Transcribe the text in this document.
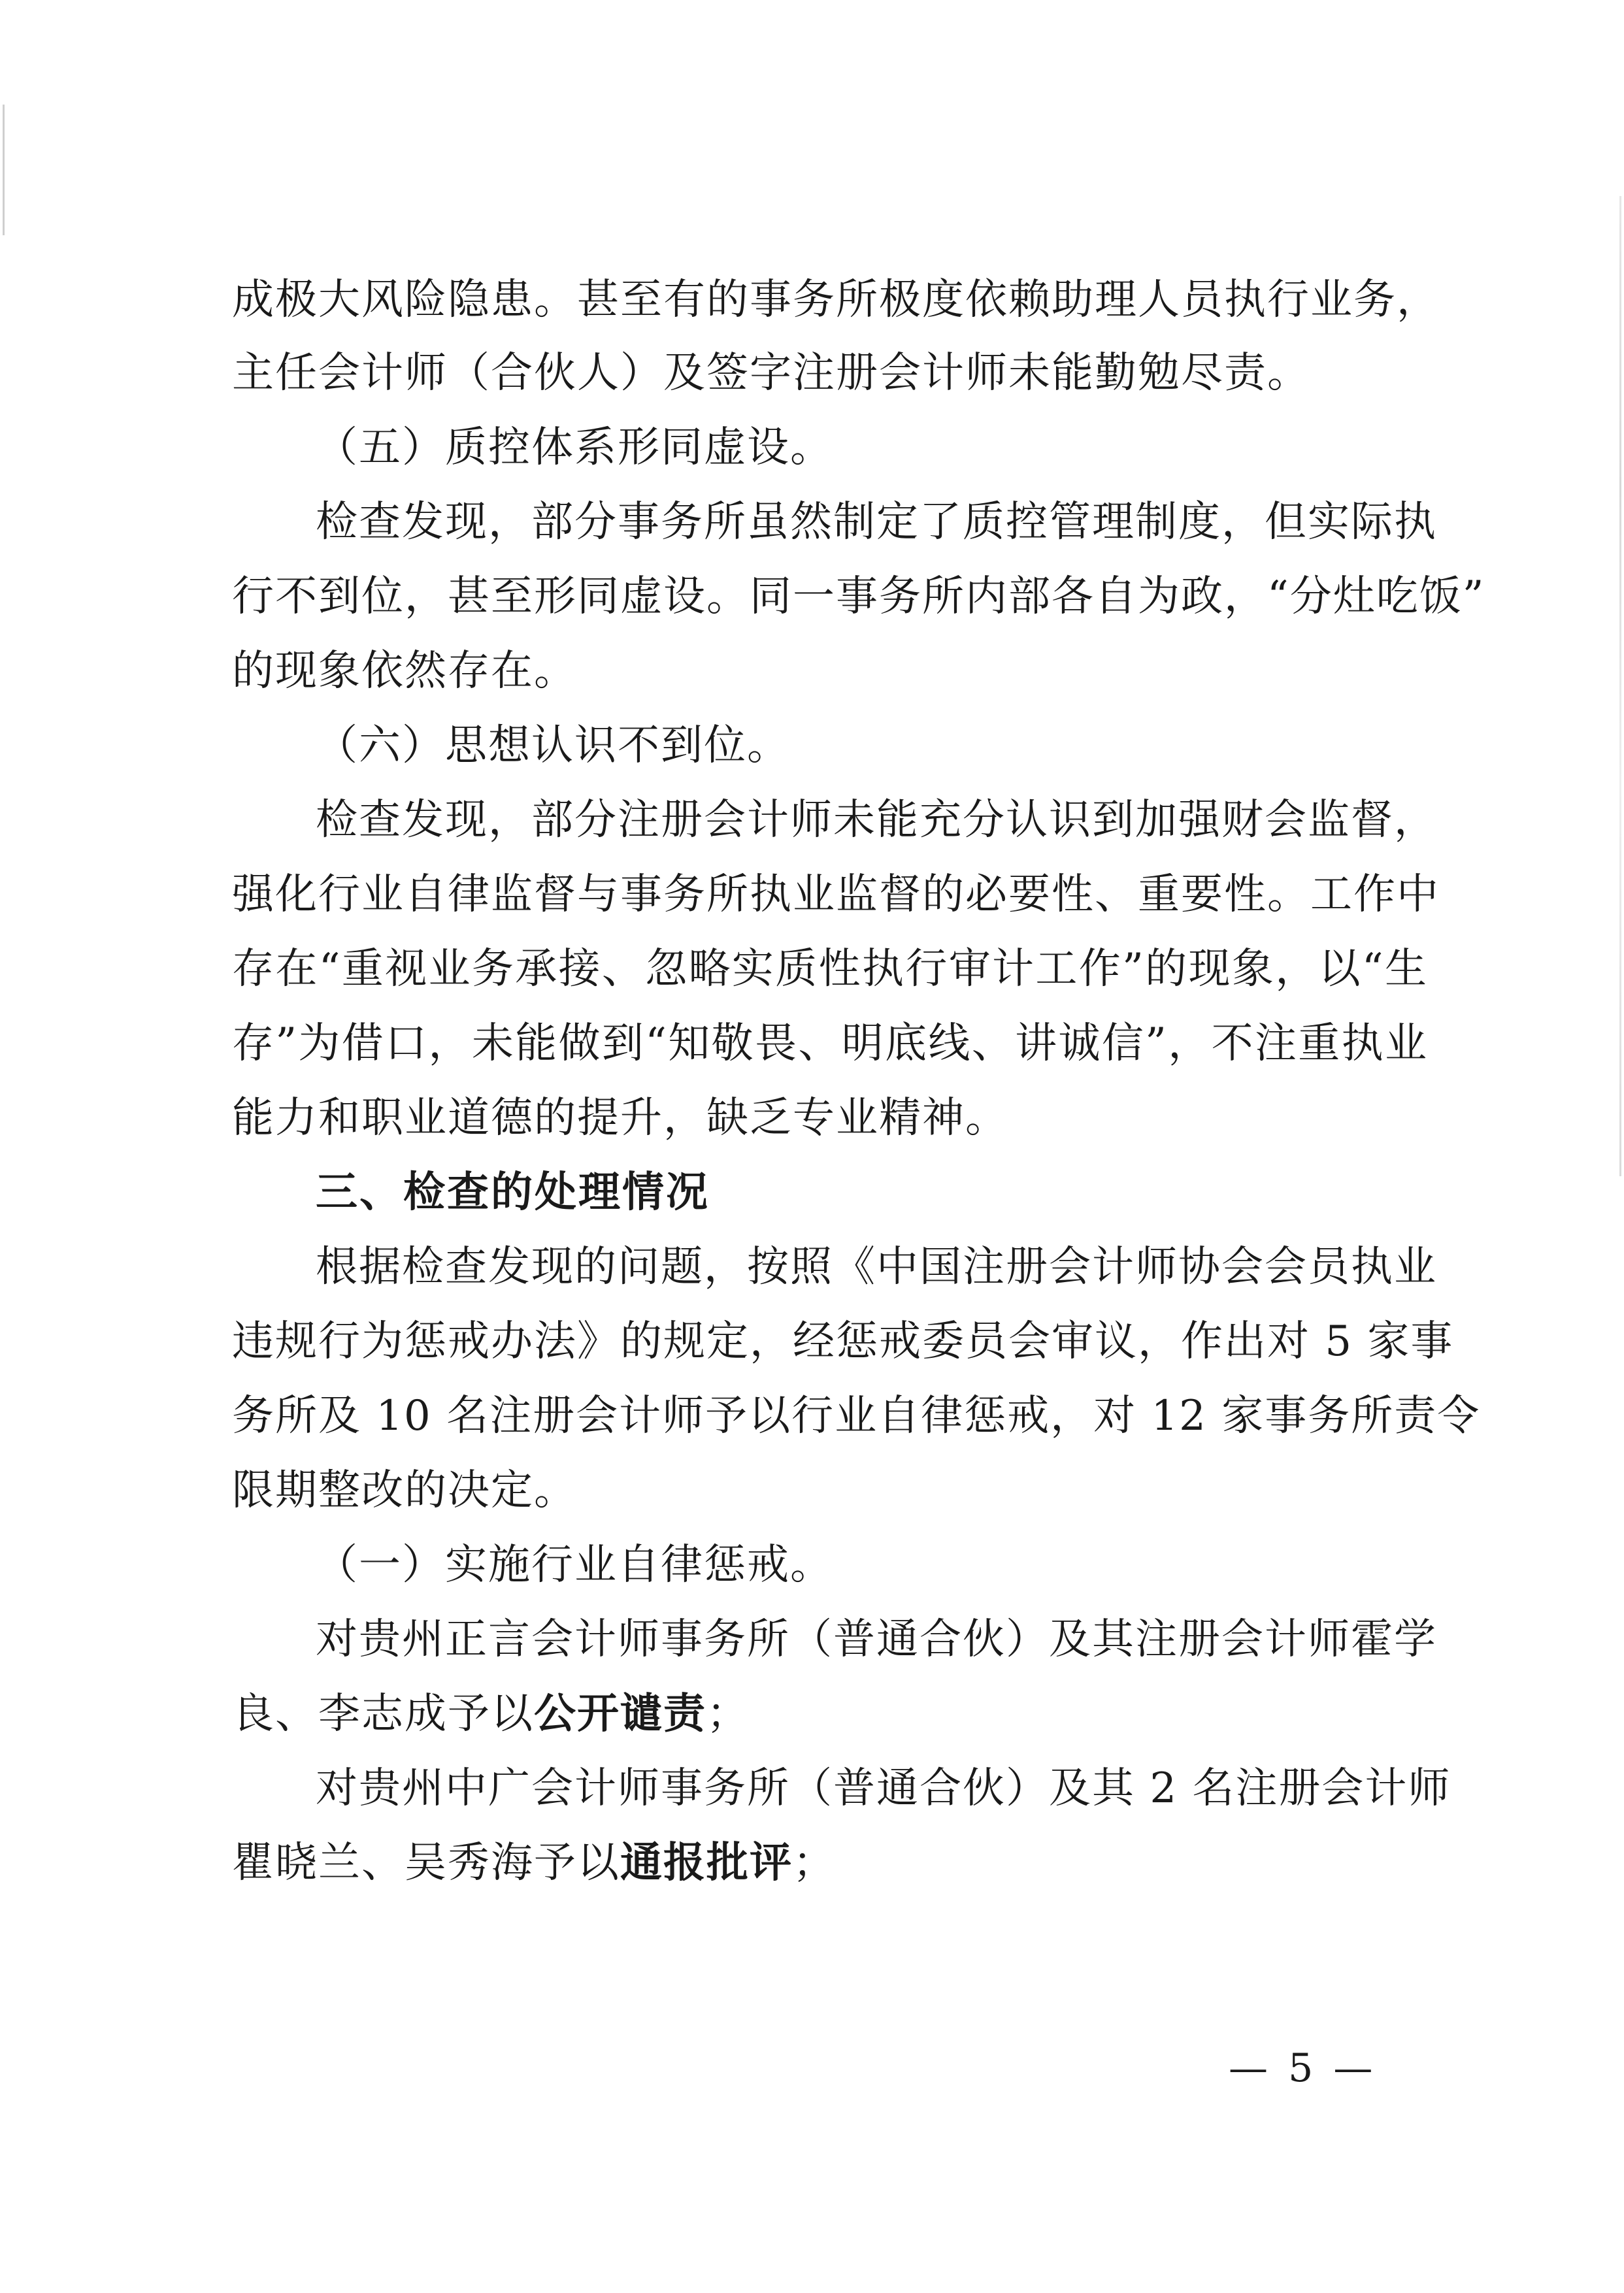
成极大风险隐患。甚至有的事务所极度依赖助理人员执行业务，
主任会计师（合伙人）及签字注册会计师未能勤勉尽责。
（五）质控体系形同虚设。
检查发现，部分事务所虽然制定了质控管理制度，但实际执
行不到位，甚至形同虚设。同一事务所内部各自为政，“分灶吃饭”
的现象依然存在。
（六）思想认识不到位。
检查发现，部分注册会计师未能充分认识到加强财会监督，
强化行业自律监督与事务所执业监督的必要性、重要性。工作中
存在“重视业务承接、忽略实质性执行审计工作”的现象，以“生
存”为借口，未能做到“知敬畏、明底线、讲诚信”，不注重执业
能力和职业道德的提升，缺乏专业精神。
三、检查的处理情况
根据检查发现的问题，按照《中国注册会计师协会会员执业
违规行为惩戒办法》的规定，经惩戒委员会审议，作出对 5 家事
务所及 10 名注册会计师予以行业自律惩戒，对 12 家事务所责令
限期整改的决定。
（一）实施行业自律惩戒。
对贵州正言会计师事务所（普通合伙）及其注册会计师霍学
良、李志成予以公开谴责；
对贵州中广会计师事务所（普通合伙）及其 2 名注册会计师
瞿晓兰、吴秀海予以通报批评；
— 5 —
